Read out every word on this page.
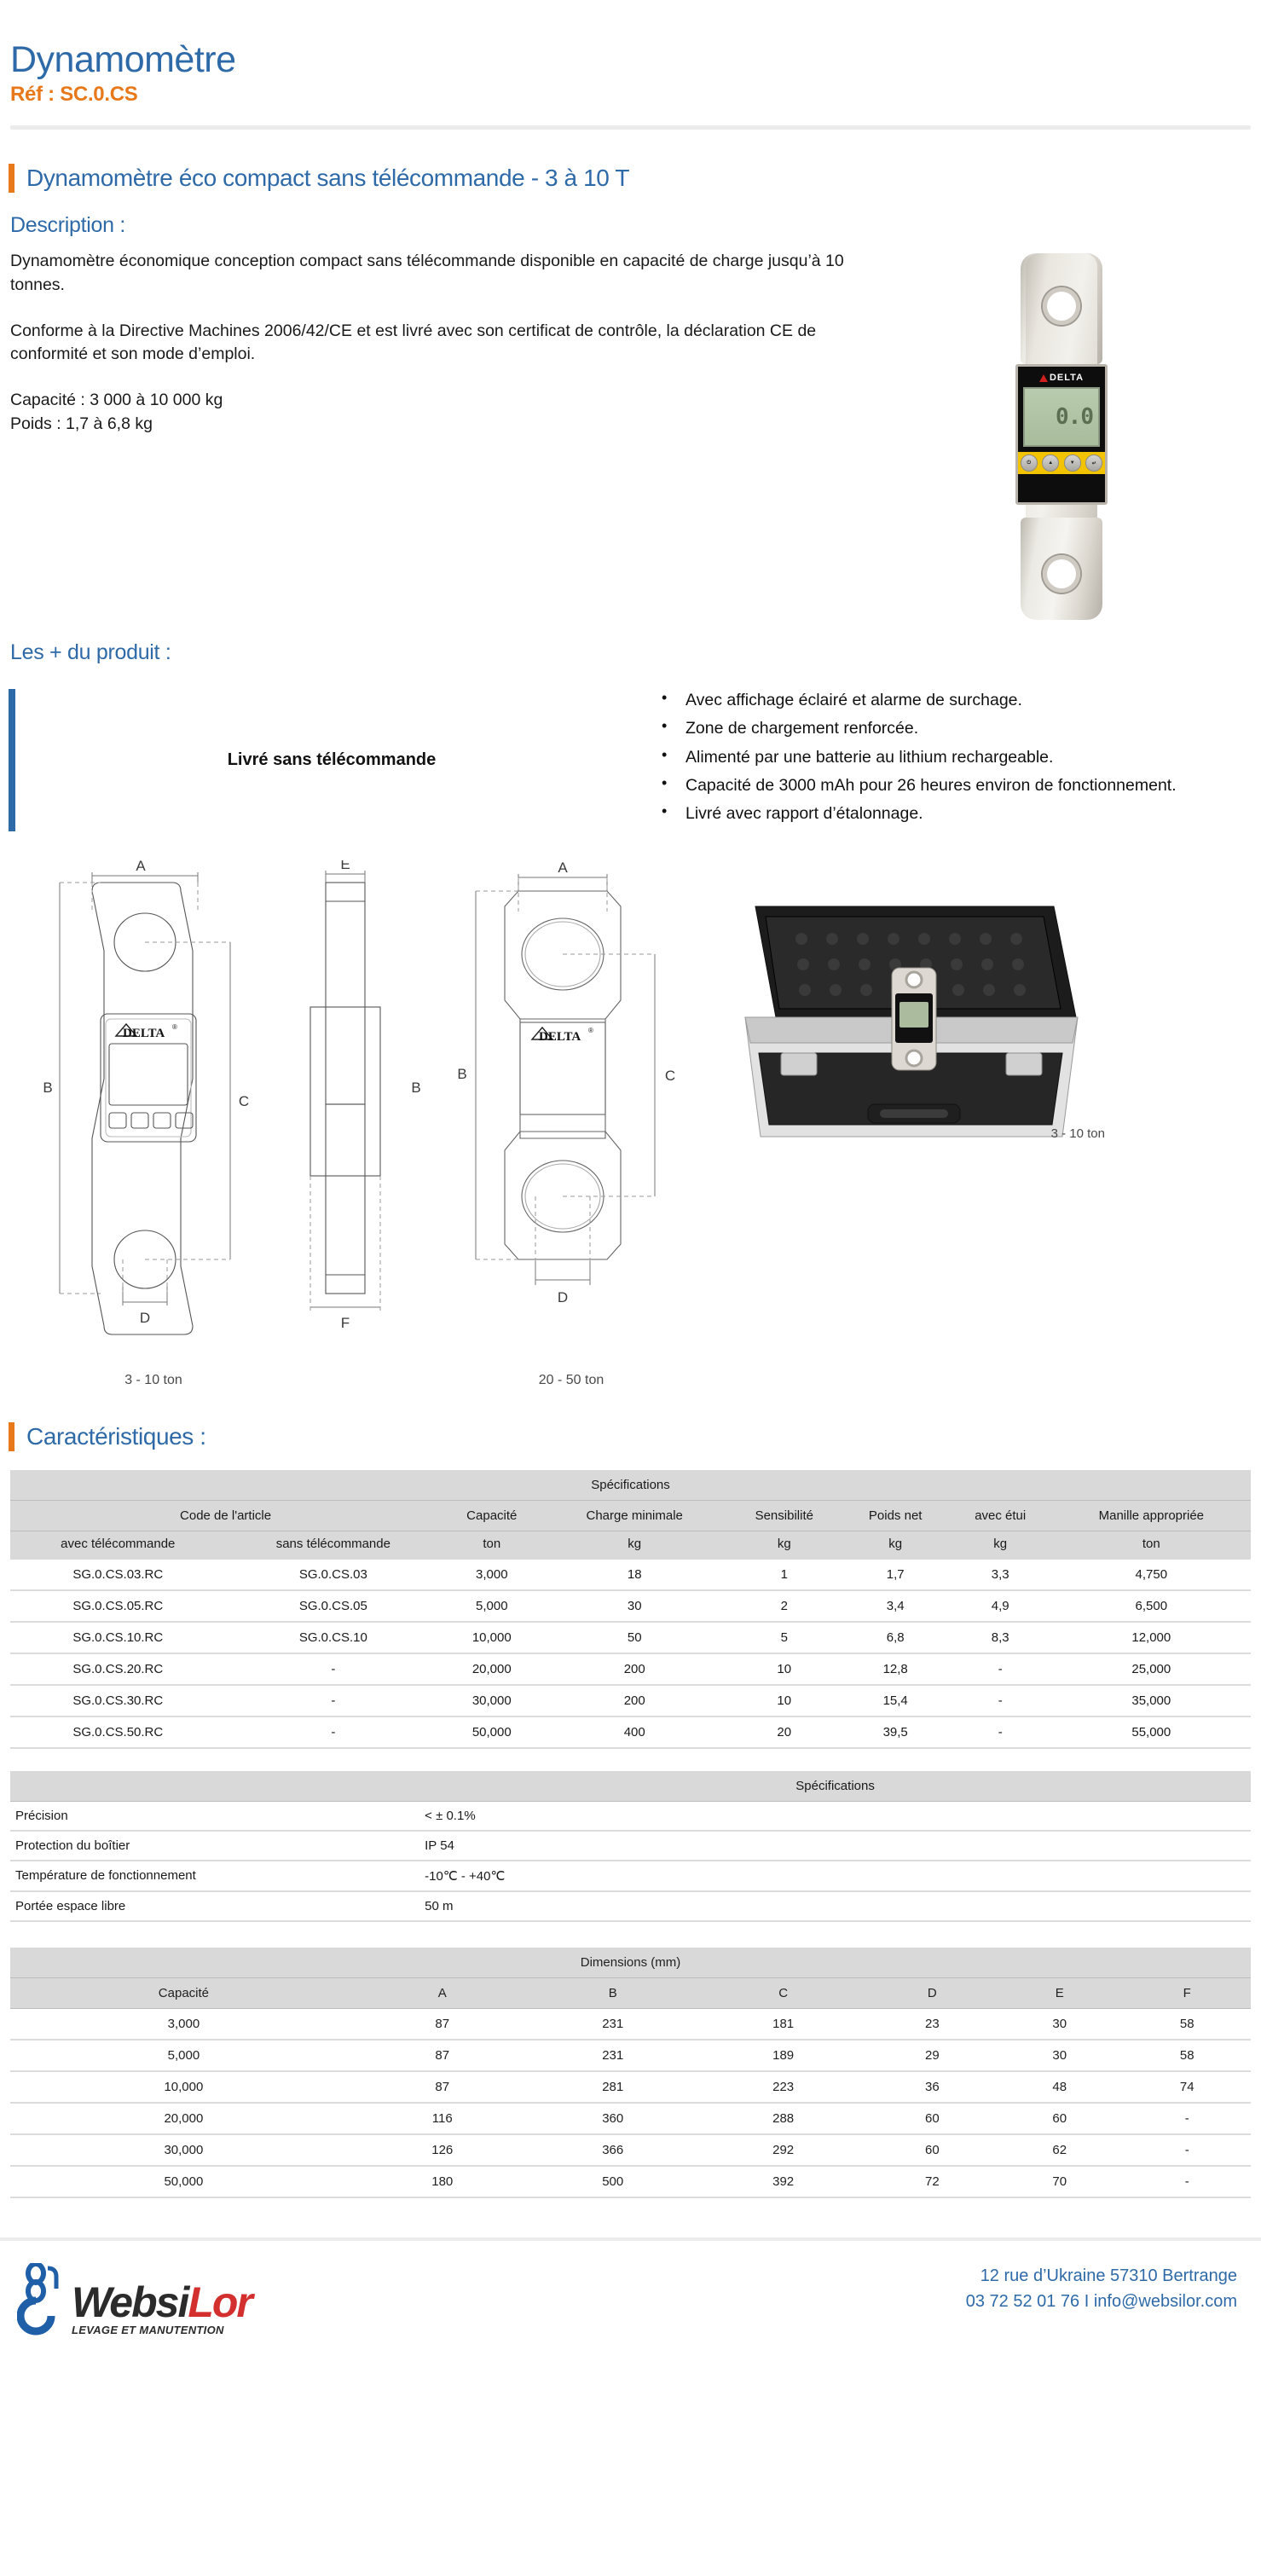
Dynamomètre
Réf : SC.0.CS
Dynamomètre éco compact sans télécommande - 3 à 10 T
Description :

Dynamomètre économique conception compact sans télécommande disponible en capacité de charge jusqu’à 10 tonnes.

Conforme à la Directive Machines 2006/42/CE et est livré avec son certificat de contrôle, la déclaration CE de conformité et son mode d’emploi.

Capacité : 3 000 à 10 000 kg

Poids : 1,7 à 6,8 kg

DELTA
0.0
⏻	▲	▼	↵
Les + du produit :
Livré sans télécommande
• Avec affichage éclairé et alarme de surchage.
• Zone de chargement renforcée.
• Alimenté par une batterie au lithium rechargeable.
• Capacité de 3000 mAh pour 26 heures environ de fonctionnement.
• Livré avec rapport d’étalonnage.
DELTA ®
A
B
C
D
3 - 10 ton
E
B
F
DELTA ®
A
B	C
D
20 - 50 ton
3 - 10 ton
Caractéristiques :
Spécifications							
Code de l'article		Capacité	Charge minimale	Sensibilité	Poids net	avec étui	Manille appropriée
avec télécommande	sans télécommande	ton	kg	kg	kg	kg	ton
SG.0.CS.03.RC	SG.0.CS.03	3,000	18	1	1,7	3,3	4,750
SG.0.CS.05.RC	SG.0.CS.05	5,000	30	2	3,4	4,9	6,500
SG.0.CS.10.RC	SG.0.CS.10	10,000	50	5	6,8	8,3	12,000
SG.0.CS.20.RC	-	20,000	200	10	12,8	-	25,000
SG.0.CS.30.RC	-	30,000	200	10	15,4	-	35,000
SG.0.CS.50.RC	-	50,000	400	20	39,5	-	55,000
	Spécifications
Précision	< ± 0.1%
Protection du boîtier	IP 54
Température de fonctionnement	-10℃ - +40℃
Portée espace libre	50 m
Dimensions (mm)						
Capacité	A	B	C	D	E	F
3,000	87	231	181	23	30	58
5,000	87	231	189	29	30	58
10,000	87	281	223	36	48	74
20,000	116	360	288	60	60	-
30,000	126	366	292	60	62	-
50,000	180	500	392	72	70	-
WebsiLor
LEVAGE ET MANUTENTION
12 rue d’Ukraine 57310 Bertrange
03 72 52 01 76 I info@websilor.com
